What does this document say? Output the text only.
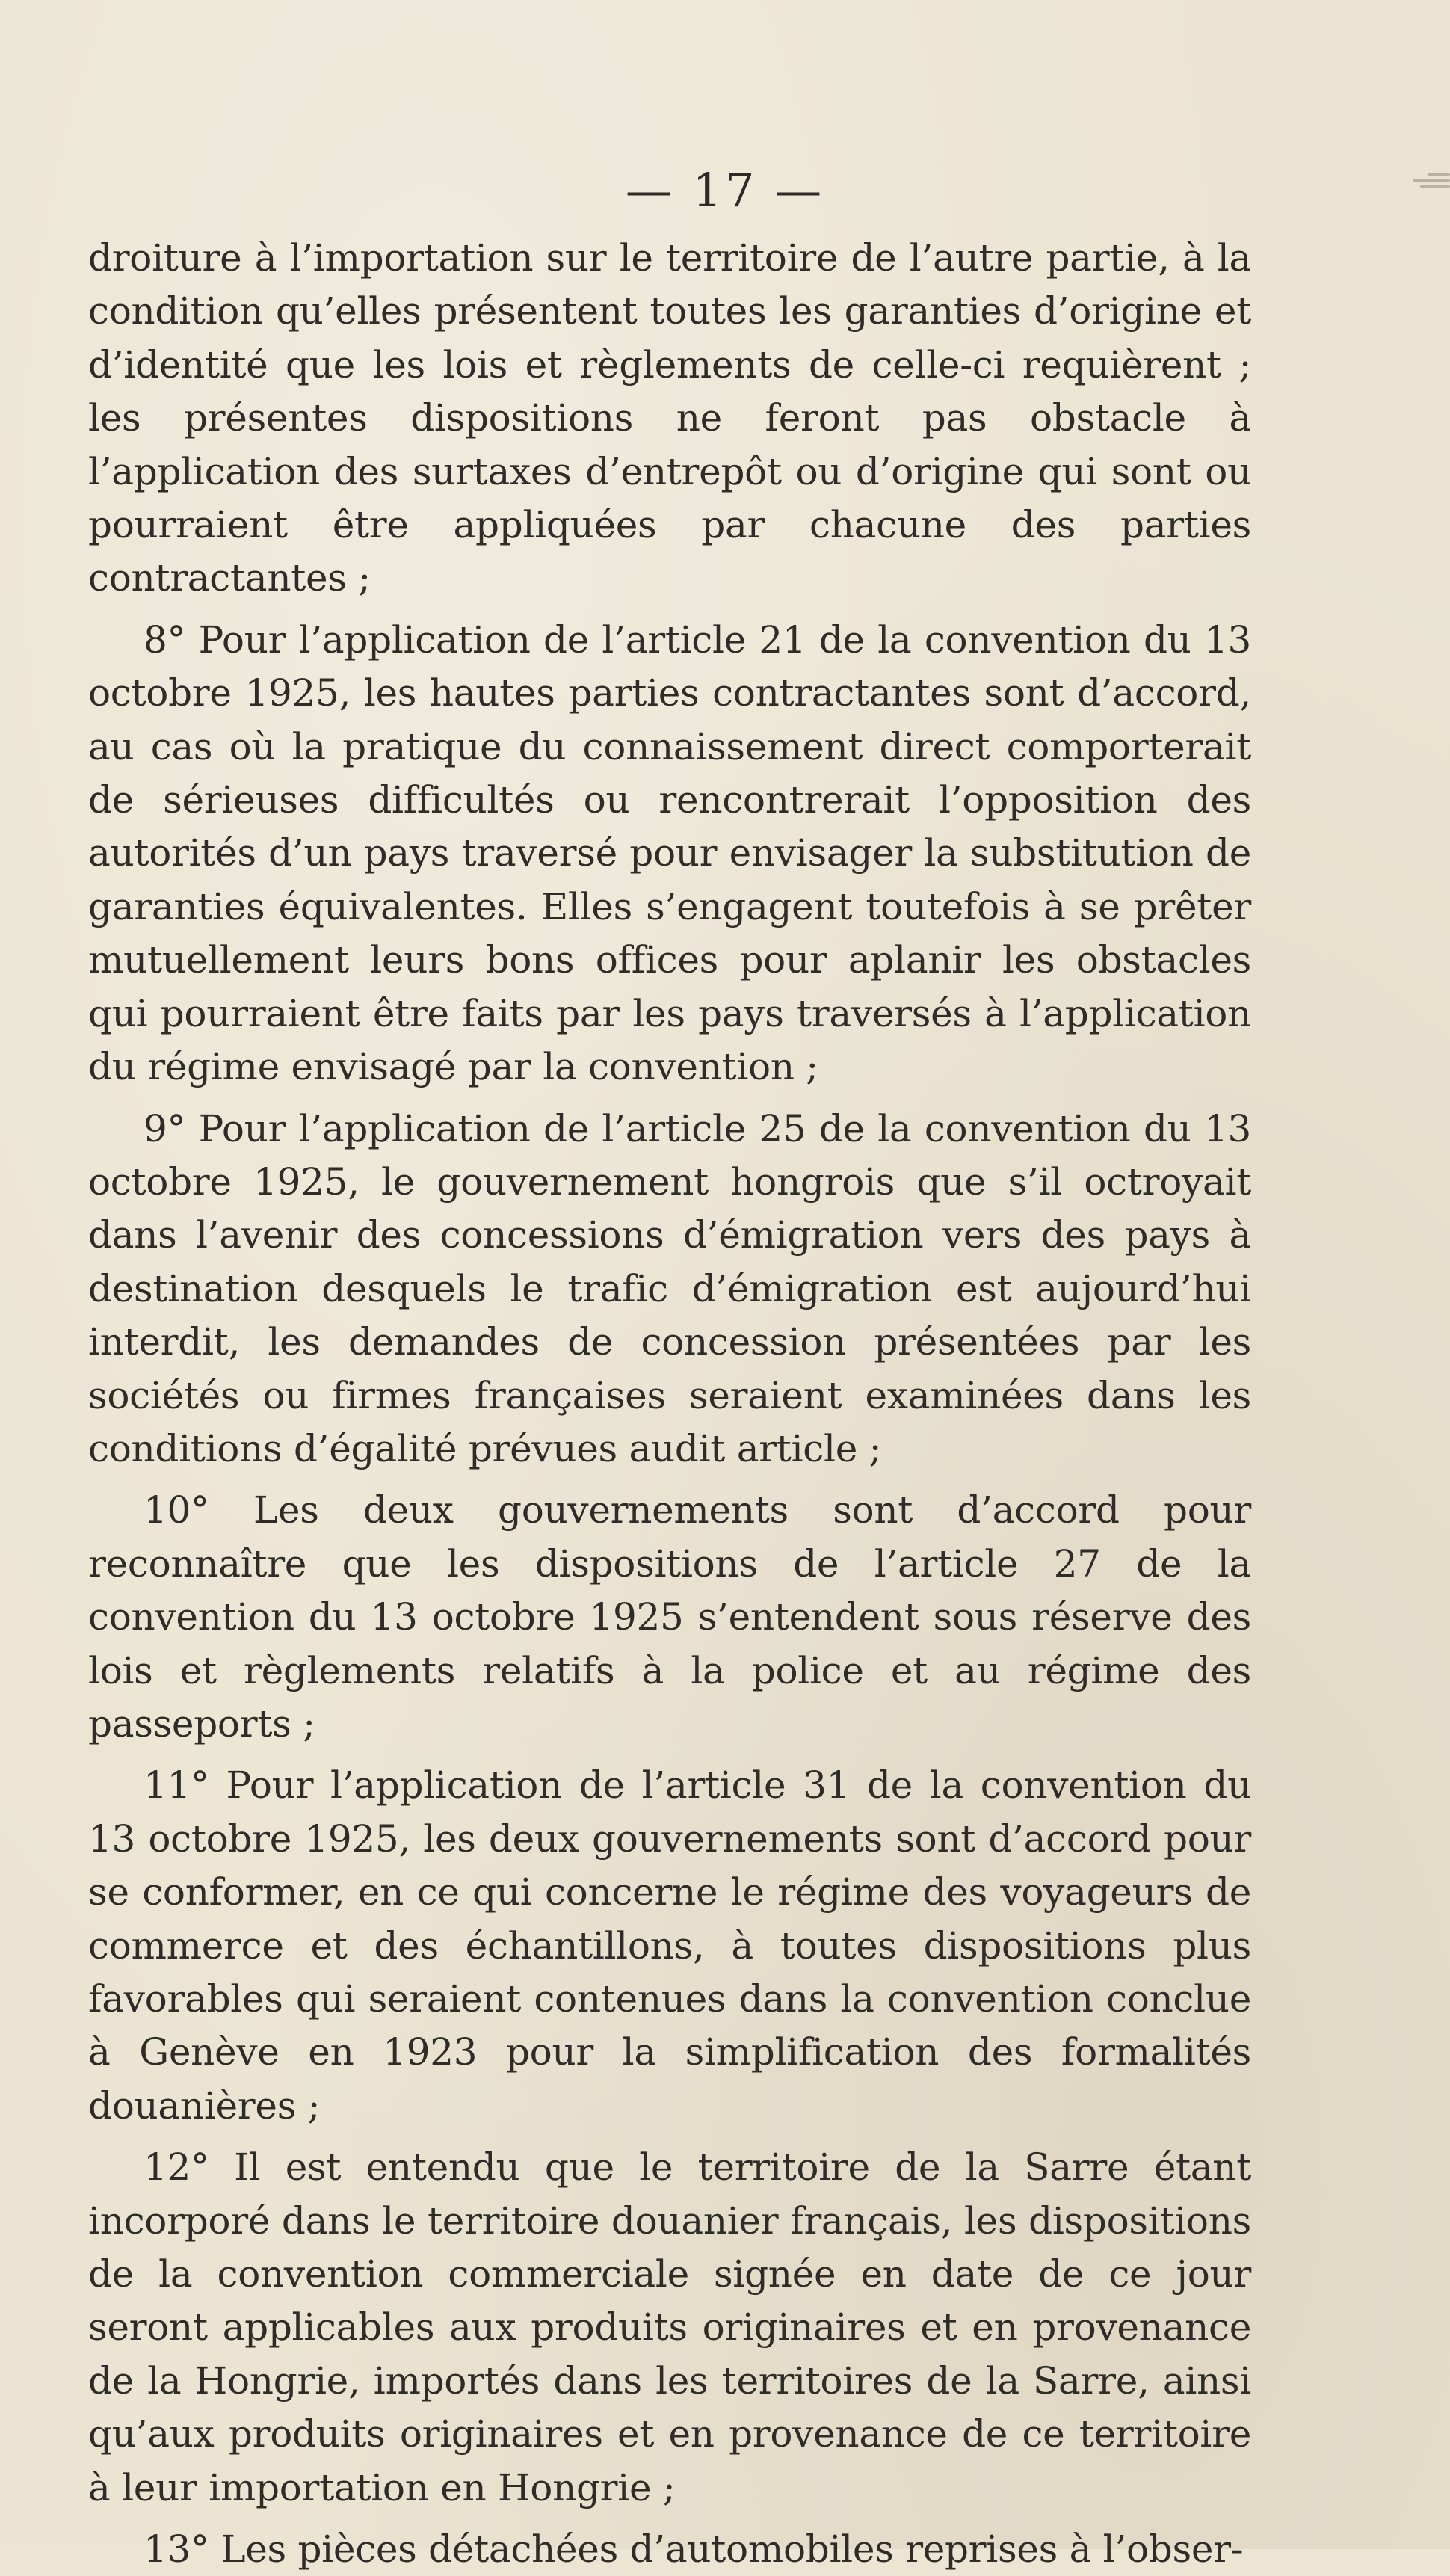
— 17 —

droiture à l’importation sur le territoire de l’autre partie, à la condition qu’elles présentent toutes les garanties d’origine et d’identité que les lois et règlements de celle-ci requièrent ; les présentes dispositions ne feront pas obstacle à l’application des surtaxes d’entrepôt ou d’origine qui sont ou pourraient être appliquées par chacune des parties contractantes ;

8° Pour l’application de l’article 21 de la convention du 13 octobre 1925, les hautes parties contractantes sont d’accord, au cas où la pratique du connaissement direct comporterait de sérieuses difficultés ou rencontrerait l’opposition des autorités d’un pays traversé pour envisager la substitution de garanties équivalentes. Elles s’engagent toutefois à se prêter mutuellement leurs bons offices pour aplanir les obstacles qui pourraient être faits par les pays traversés à l’application du régime envisagé par la convention ;

9° Pour l’application de l’article 25 de la convention du 13 octobre 1925, le gouvernement hongrois que s’il octroyait dans l’avenir des concessions d’émigration vers des pays à destination desquels le trafic d’émigration est aujourd’hui interdit, les demandes de concession présentées par les sociétés ou firmes françaises seraient examinées dans les conditions d’égalité prévues audit article ;

10° Les deux gouvernements sont d’accord pour reconnaître que les dispositions de l’article 27 de la convention du 13 octobre 1925 s’entendent sous réserve des lois et règlements relatifs à la police et au régime des passeports ;

11° Pour l’application de l’article 31 de la convention du 13 octobre 1925, les deux gouvernements sont d’accord pour se conformer, en ce qui concerne le régime des voyageurs de commerce et des échantillons, à toutes dispositions plus favorables qui seraient contenues dans la convention conclue à Genève en 1923 pour la simplification des formalités douanières ;

12° Il est entendu que le territoire de la Sarre étant incorporé dans le territoire douanier français, les dispositions de la convention commerciale signée en date de ce jour seront applicables aux produits originaires et en provenance de la Hongrie, importés dans les territoires de la Sarre, ainsi qu’aux produits originaires et en provenance de ce territoire à leur importation en Hongrie ;

13° Les pièces détachées d’automobiles reprises à l’obser-
